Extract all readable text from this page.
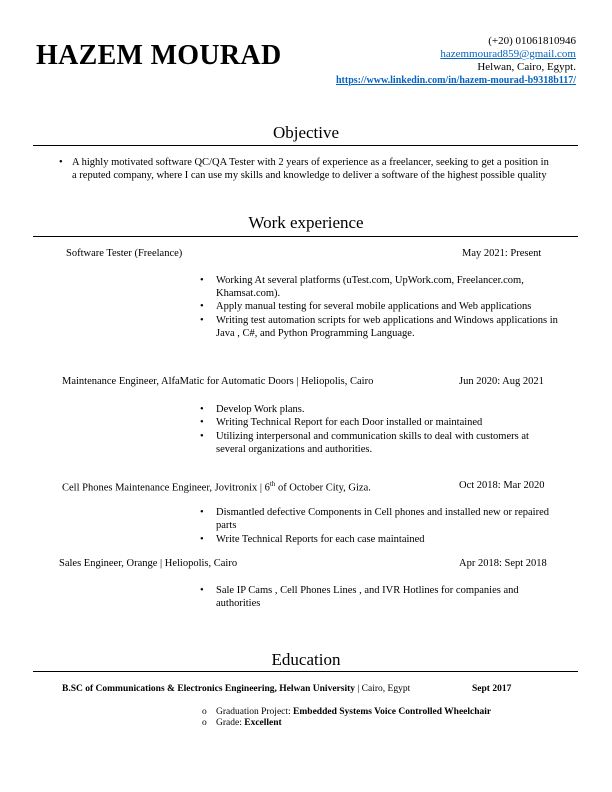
HAZEM MOURAD	(+20) 01061810946
hazemmourad859@gmail.com
Helwan, Cairo, Egypt.
https://www.linkedin.com/in/hazem-mourad-b9318b117/
Objective
• A highly motivated software QC/QA Tester with 2 years of experience as a freelancer, seeking to get a position in
a reputed company, where I can use my skills and knowledge to deliver a software of the highest possible quality
Work experience
Software Tester (Freelance)	May 2021: Present
• Working At several platforms (uTest.com, UpWork.com, Freelancer.com,
Khamsat.com).
• Apply manual testing for several mobile applications and Web applications
• Writing test automation scripts for web applications and Windows applications in
Java , C#, and Python Programming Language.
Maintenance Engineer, AlfaMatic for Automatic Doors | Heliopolis, Cairo	Jun 2020: Aug 2021
• Develop Work plans.
• Writing Technical Report for each Door installed or maintained
• Utilizing interpersonal and communication skills to deal with customers at
several organizations and authorities.
Cell Phones Maintenance Engineer, Jovitronix | 6th of October City, Giza.	Oct 2018: Mar 2020
• Dismantled defective Components in Cell phones and installed new or repaired
parts
• Write Technical Reports for each case maintained
Sales Engineer, Orange | Heliopolis, Cairo	Apr 2018: Sept 2018
• Sale IP Cams , Cell Phones Lines , and IVR Hotlines for companies and
authorities
Education
B.SC of Communications & Electronics Engineering, Helwan University | Cairo, Egypt	Sept 2017
o Graduation Project: Embedded Systems Voice Controlled Wheelchair
o Grade: Excellent
